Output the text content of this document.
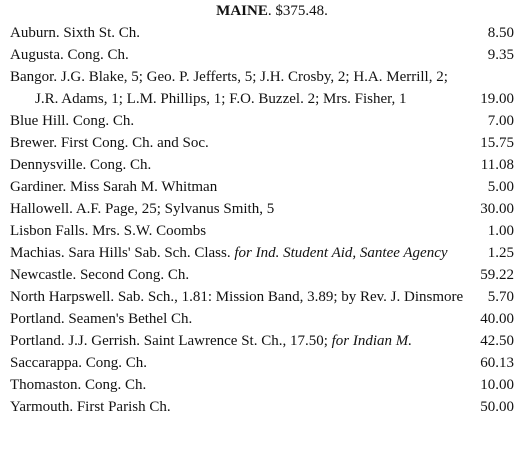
MAINE. $375.48.
Auburn. Sixth St. Ch.	8.50
Augusta. Cong. Ch.	9.35
Bangor. J.G. Blake, 5; Geo. P. Jefferts, 5; J.H. Crosby, 2; H.A. Merrill, 2; J.R. Adams, 1; L.M. Phillips, 1; F.O. Buzzel. 2; Mrs. Fisher, 1	19.00
Blue Hill. Cong. Ch.	7.00
Brewer. First Cong. Ch. and Soc.	15.75
Dennysville. Cong. Ch.	11.08
Gardiner. Miss Sarah M. Whitman	5.00
Hallowell. A.F. Page, 25; Sylvanus Smith, 5	30.00
Lisbon Falls. Mrs. S.W. Coombs	1.00
Machias. Sara Hills' Sab. Sch. Class. for Ind. Student Aid, Santee Agency	1.25
Newcastle. Second Cong. Ch.	59.22
North Harpswell. Sab. Sch., 1.81: Mission Band, 3.89; by Rev. J. Dinsmore	5.70
Portland. Seamen's Bethel Ch.	40.00
Portland. J.J. Gerrish. Saint Lawrence St. Ch., 17.50; for Indian M.	42.50
Saccarappa. Cong. Ch.	60.13
Thomaston. Cong. Ch.	10.00
Yarmouth. First Parish Ch.	50.00
